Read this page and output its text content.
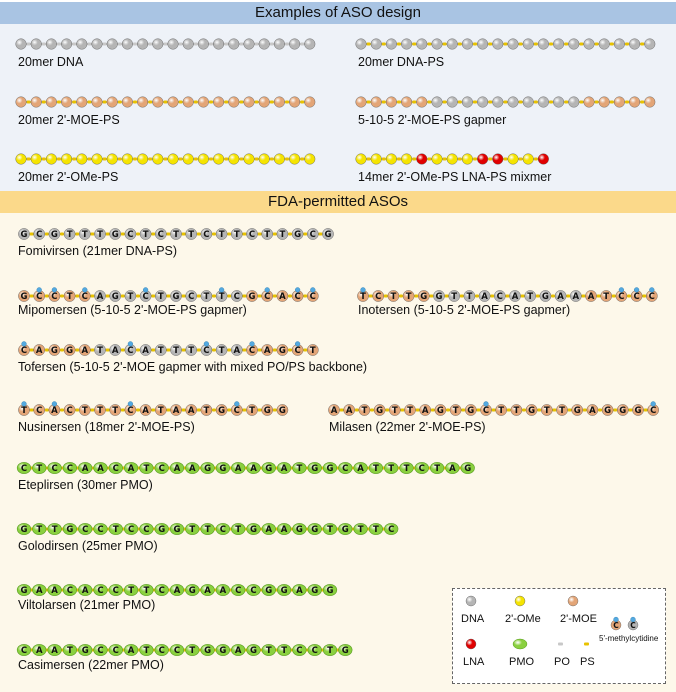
Examples of ASO design
FDA-permitted ASOs
G C G T T T G C T C T T C T T C T T G C G
G C C T C A G T C T G C T T C G C A C C	T C T T G G T T A C A T G A A A T C C C
C A G G A T A C A T T T C T A C A G C T
T C A C T T T C A T A A T G C T G G	A A T G T T A G T G C T T G T T G A G G G C
C T C C A A C A T C A A G G A A G A T G G C A T T T C T A G
G T T G C C T C C G G T T C T G A A G G T G T T C
G A A C A C C T T C A G A A C C G G A G G
C A A T G C C A T C C T G G A G T T C C T G
20mer DNA	20mer DNA-PS
20mer 2'-MOE-PS	5-10-5 2'-MOE-PS gapmer
20mer 2'-OMe-PS	14mer 2'-OMe-PS LNA-PS mixmer
Fomivirsen (21mer DNA-PS)
Mipomersen (5-10-5 2'-MOE-PS gapmer)	Inotersen (5-10-5 2'-MOE-PS gapmer)
Tofersen (5-10-5 2'-MOE gapmer with mixed PO/PS backbone)
Nusinersen (18mer 2'-MOE-PS)	Milasen (22mer 2'-MOE-PS)
Eteplirsen (30mer PMO)
Golodirsen (25mer PMO)
Viltolarsen (21mer PMO)
Casimersen (22mer PMO)
C C
DNA 2'-OMe 2'-MOE
5'-methylcytidine
LNA PMO PO PS
